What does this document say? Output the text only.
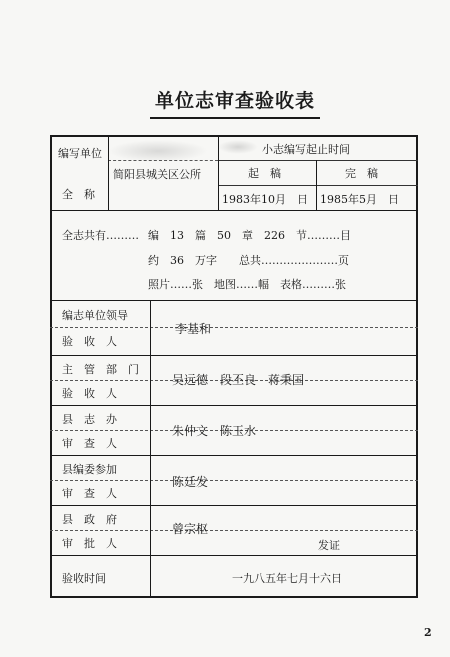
单位志审查验收表
编写单位
全　称
简阳县城关区公所
小志编写起止时间
起　稿	完　稿
1983年10月　日 1985年5月　日
全志共有……… 编　13　篇　50　章　226　节………目
约　36　万字　　总共…………………页
照片……张　地图……幅　表格………张
编志单位领导
验　收　人
李基和
主　管　部　门
验　收　人
吴远德　段丕良　蒋秉国
县　志　办
审　查　人
朱仲文　陈玉水
县编委参加
审　查　人
陈廷发
县　政　府
审　批　人
曾宗枢
发证
验收时间	一九八五年七月十六日
2
